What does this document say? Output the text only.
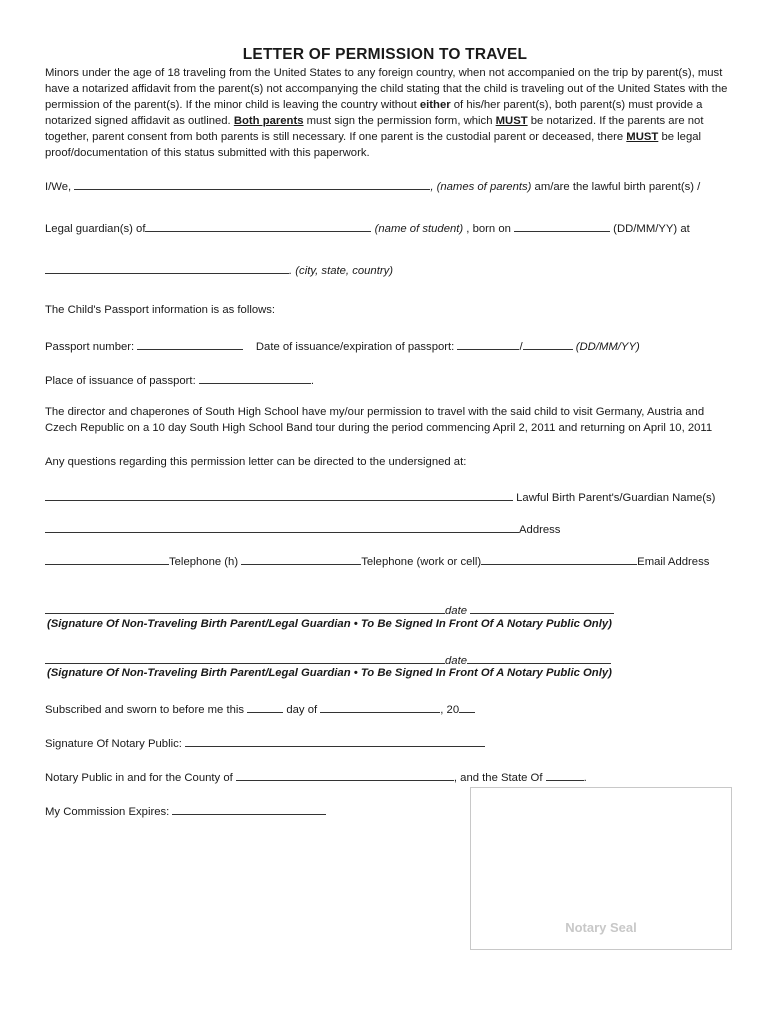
LETTER OF PERMISSION TO TRAVEL
Minors under the age of 18 traveling from the United States to any foreign country, when not accompanied on the trip by parent(s), must have a notarized affidavit from the parent(s) not accompanying the child stating that the child is traveling out of the United States with the permission of the parent(s). If the minor child is leaving the country without either of his/her parent(s), both parent(s) must provide a notarized signed affidavit as outlined. Both parents must sign the permission form, which MUST be notarized. If the parents are not together, parent consent from both parents is still necessary. If one parent is the custodial parent or deceased, there MUST be legal proof/documentation of this status submitted with this paperwork.
I/We,	, (names of parents) am/are the lawful birth parent(s) /
Legal guardian(s) of	(name of student) , born on	(DD/MM/YY) at
. (city, state, country)
The Child's Passport information is as follows:
Passport number:	Date of issuance/expiration of passport:	/	(DD/MM/YY)
Place of issuance of passport:	.
The director and chaperones of South High School have my/our permission to travel with the said child to visit Germany, Austria and Czech Republic on a 10 day South High School Band tour during the period commencing April 2, 2011 and returning on April 10, 2011
Any questions regarding this permission letter can be directed to the undersigned at:
Lawful Birth Parent's/Guardian Name(s)
Address
Telephone (h)	Telephone (work or cell)	Email Address
date
(Signature Of Non-Traveling Birth Parent/Legal Guardian • To Be Signed In Front Of A Notary Public Only)
date
(Signature Of Non-Traveling Birth Parent/Legal Guardian • To Be Signed In Front Of A Notary Public Only)
Subscribed and sworn to before me this	day of	, 20
Signature Of Notary Public:
Notary Public in and for the County of	, and the State Of	.
My Commission Expires:
Notary Seal
